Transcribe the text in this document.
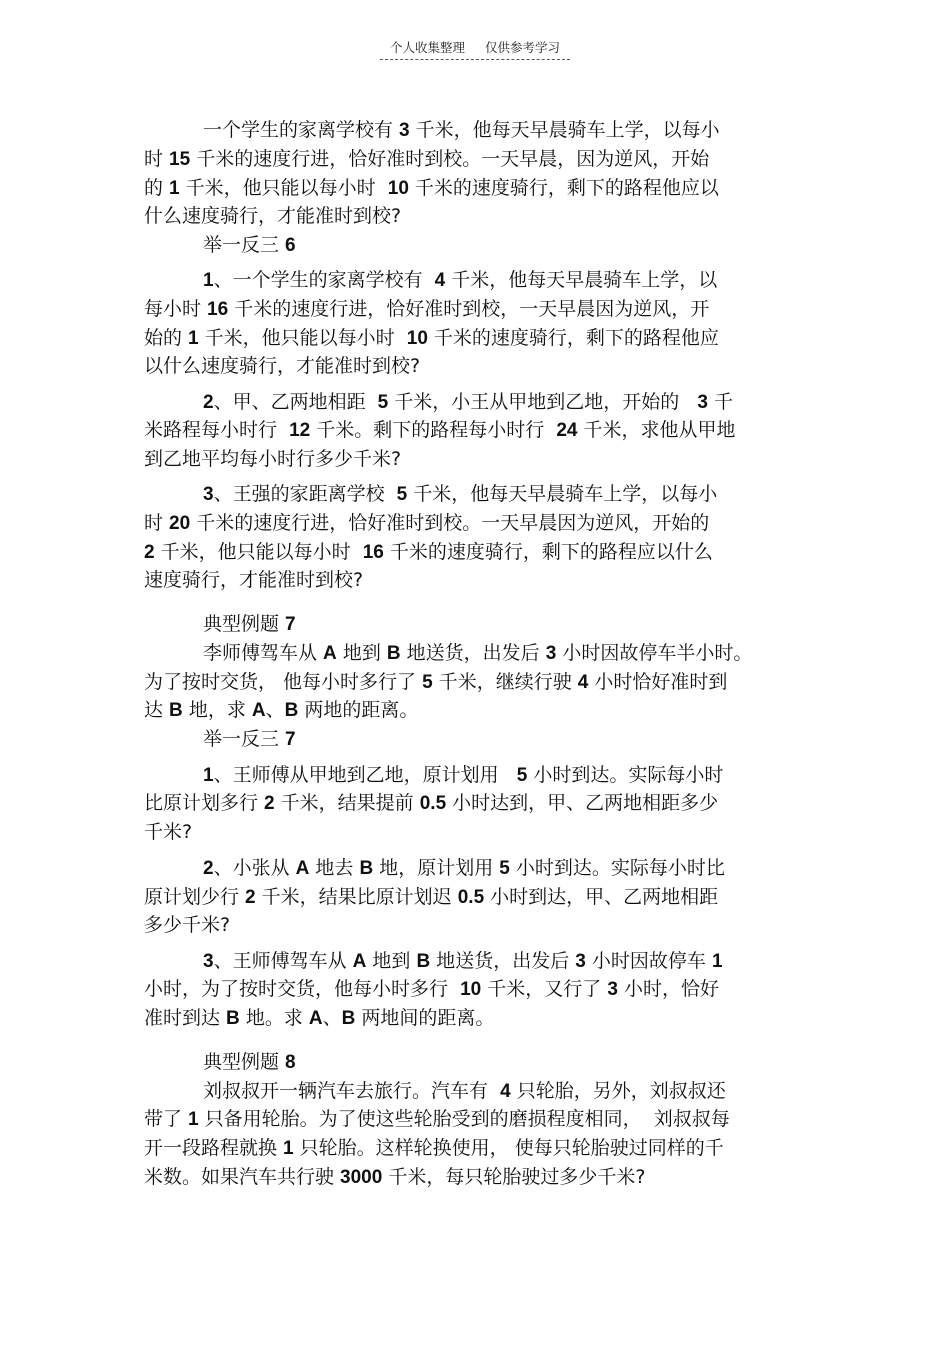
个人收集整理 仅供参考学习
一个学生的家离学校有 3 千米，他每天早晨骑车上学，以每小
时 15 千米的速度行进，恰好准时到校。一天早晨，因为逆风，开始
的 1 千米，他只能以每小时  10 千米的速度骑行，剩下的路程他应以
什么速度骑行，才能准时到校?
举一反三 6
1、一个学生的家离学校有  4 千米，他每天早晨骑车上学，以
每小时 16 千米的速度行进，恰好准时到校，一天早晨因为逆风，开
始的 1 千米，他只能以每小时  10 千米的速度骑行，剩下的路程他应
以什么速度骑行，才能准时到校?
2、甲、乙两地相距  5 千米，小王从甲地到乙地，开始的   3 千
米路程每小时行  12 千米。剩下的路程每小时行  24 千米，求他从甲地
到乙地平均每小时行多少千米?
3、王强的家距离学校  5 千米，他每天早晨骑车上学，以每小
时 20 千米的速度行进，恰好准时到校。一天早晨因为逆风，开始的
2 千米，他只能以每小时  16 千米的速度骑行，剩下的路程应以什么
速度骑行，才能准时到校?
典型例题 7
李师傅驾车从 A 地到 B 地送货，出发后 3 小时因故停车半小时。
为了按时交货， 他每小时多行了 5 千米，继续行驶 4 小时恰好准时到
达 B 地，求 A、B 两地的距离。
举一反三 7
1、王师傅从甲地到乙地，原计划用   5 小时到达。实际每小时
比原计划多行 2 千米，结果提前 0.5 小时达到，甲、乙两地相距多少
千米?
2、小张从 A 地去 B 地，原计划用 5 小时到达。实际每小时比
原计划少行 2 千米，结果比原计划迟 0.5 小时到达，甲、乙两地相距
多少千米?
3、王师傅驾车从 A 地到 B 地送货，出发后 3 小时因故停车 1
小时，为了按时交货，他每小时多行  10 千米，又行了 3 小时，恰好
准时到达 B 地。求 A、B 两地间的距离。
典型例题 8
刘叔叔开一辆汽车去旅行。汽车有  4 只轮胎，另外，刘叔叔还
带了 1 只备用轮胎。为了使这些轮胎受到的磨损程度相同，  刘叔叔每
开一段路程就换 1 只轮胎。这样轮换使用， 使每只轮胎驶过同样的千
米数。如果汽车共行驶 3000 千米，每只轮胎驶过多少千米?
